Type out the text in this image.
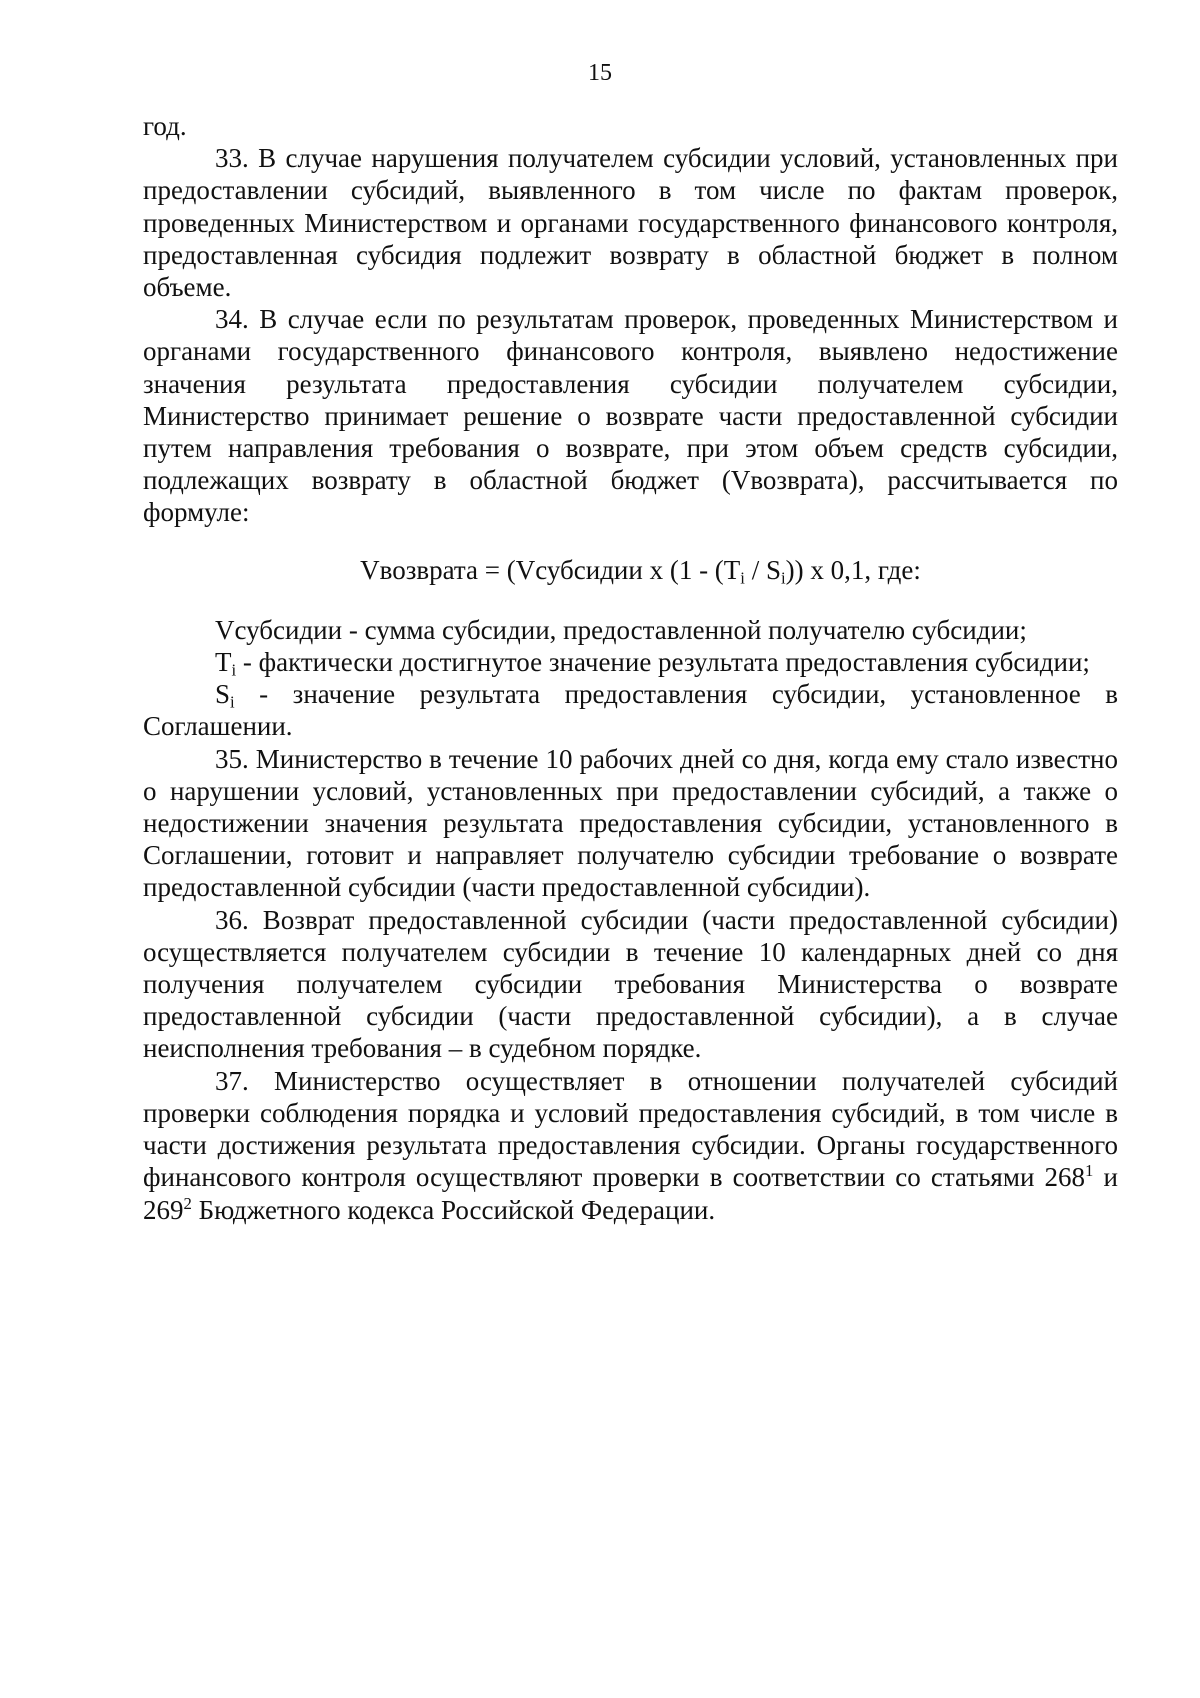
15

год.

33. В случае нарушения получателем субсидии условий, установленных при предоставлении субсидий, выявленного в том числе по фактам проверок, проведенных Министерством и органами государственного финансового контроля, предоставленная субсидия подлежит возврату в областной бюджет в полном объеме.

34. В случае если по результатам проверок, проведенных Министерством и органами государственного финансового контроля, выявлено недостижение значения результата предоставления субсидии получателем субсидии, Министерство принимает решение о возврате части предоставленной субсидии путем направления требования о возврате, при этом объем средств субсидии, подлежащих возврату в областной бюджет (Vвозврата), рассчитывается по формуле:

Vвозврата = (Vсубсидии x $(1 - (T_i / S_i))$ x 0,1, где:

Vсубсидии - сумма субсидии, предоставленной получателю субсидии;

$T_i$ - фактически достигнутое значение результата предоставления субсидии;

$S_i$ - значение результата предоставления субсидии, установленное в Соглашении.

35. Министерство в течение 10 рабочих дней со дня, когда ему стало известно о нарушении условий, установленных при предоставлении субсидий, а также о недостижении значения результата предоставления субсидии, установленного в Соглашении, готовит и направляет получателю субсидии требование о возврате предоставленной субсидии (части предоставленной субсидии).

36. Возврат предоставленной субсидии (части предоставленной субсидии) осуществляется получателем субсидии в течение 10 календарных дней со дня получения получателем субсидии требования Министерства о возврате предоставленной субсидии (части предоставленной субсидии), а в случае неисполнения требования – в судебном порядке.

37. Министерство осуществляет в отношении получателей субсидий проверки соблюдения порядка и условий предоставления субсидий, в том числе в части достижения результата предоставления субсидии. Органы государственного финансового контроля осуществляют проверки в соответствии со статьями $268^1$ и $269^2$ Бюджетного кодекса Российской Федерации.
